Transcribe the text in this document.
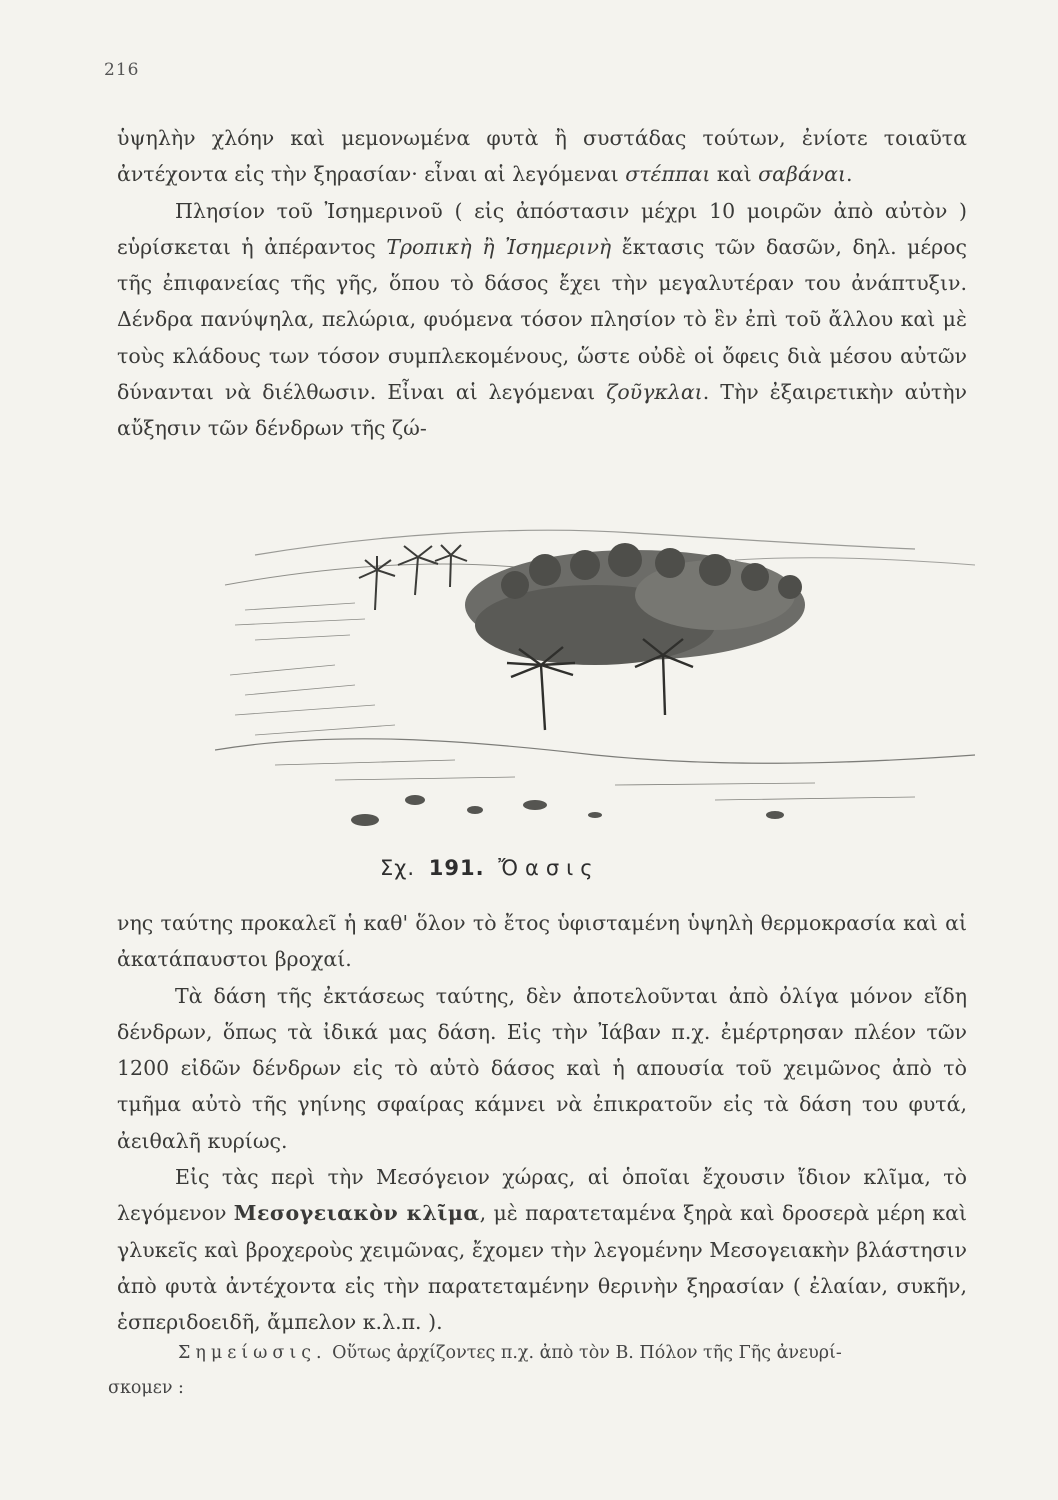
216

ὑψηλὴν χλόην καὶ μεμονωμένα φυτὰ ἢ συστάδας τούτων, ἐνίοτε τοιαῦτα ἀντέχοντα εἰς τὴν ξηρασίαν· εἶναι αἱ λεγόμεναι στέππαι καὶ σαβάναι.

Πλησίον τοῦ Ἰσημερινοῦ ( εἰς ἀπόστασιν μέχρι 10 μοιρῶν ἀπὸ αὐτὸν ) εὑρίσκεται ἡ ἀπέραντος Τροπικὴ ἢ Ἰσημερινὴ ἔκτασις τῶν δασῶν, δηλ. μέρος τῆς ἐπιφανείας τῆς γῆς, ὅπου τὸ δάσος ἔχει τὴν μεγαλυτέραν του ἀνάπτυξιν. Δένδρα πανύψηλα, πελώρια, φυόμενα τόσον πλησίον τὸ ἓν ἐπὶ τοῦ ἄλλου καὶ μὲ τοὺς κλάδους των τόσον συμπλεκομένους, ὥστε οὐδὲ οἱ ὄφεις διὰ μέσου αὐτῶν δύνανται νὰ διέλθωσιν. Εἶναι αἱ λεγόμεναι ζοῦγκλαι. Τὴν ἐξαιρετικὴν αὐτὴν αὔξησιν τῶν δένδρων τῆς ζώ-

Σχ. 191. Ὄασις

νης ταύτης προκαλεῖ ἡ καθ' ὅλον τὸ ἔτος ὑφισταμένη ὑψηλὴ θερμοκρασία καὶ αἱ ἀκατάπαυστοι βροχαί.

Τὰ δάση τῆς ἐκτάσεως ταύτης, δὲν ἀποτελοῦνται ἀπὸ ὀλίγα μόνον εἴδη δένδρων, ὅπως τὰ ἰδικά μας δάση. Εἰς τὴν Ἰάβαν π.χ. ἐμέρτρησαν πλέον τῶν 1200 εἰδῶν δένδρων εἰς τὸ αὐτὸ δάσος καὶ ἡ απουσία τοῦ χειμῶνος ἀπὸ τὸ τμῆμα αὐτὸ τῆς γηίνης σφαίρας κάμνει νὰ ἐπικρατοῦν εἰς τὰ δάση του φυτά, ἀειθαλῆ κυρίως.

Εἰς τὰς περὶ τὴν Μεσόγειον χώρας, αἱ ὁποῖαι ἔχουσιν ἴδιον κλῖμα, τὸ λεγόμενον Μεσογειακὸν κλῖμα, μὲ παρατεταμένα ξηρὰ καὶ δροσερὰ μέρη καὶ γλυκεῖς καὶ βροχεροὺς χειμῶνας, ἔχομεν τὴν λεγομένην Μεσογειακὴν βλάστησιν ἀπὸ φυτὰ ἀντέχοντα εἰς τὴν παρατεταμένην θερινὴν ξηρασίαν ( ἐλαίαν, συκῆν, ἑσπεριδοειδῆ, ἄμπελον κ.λ.π. ).

Σημείωσις. Οὕτως ἀρχίζοντες π.χ. ἀπὸ τὸν Β. Πόλον τῆς Γῆς ἀνευρί-
σκομεν :
